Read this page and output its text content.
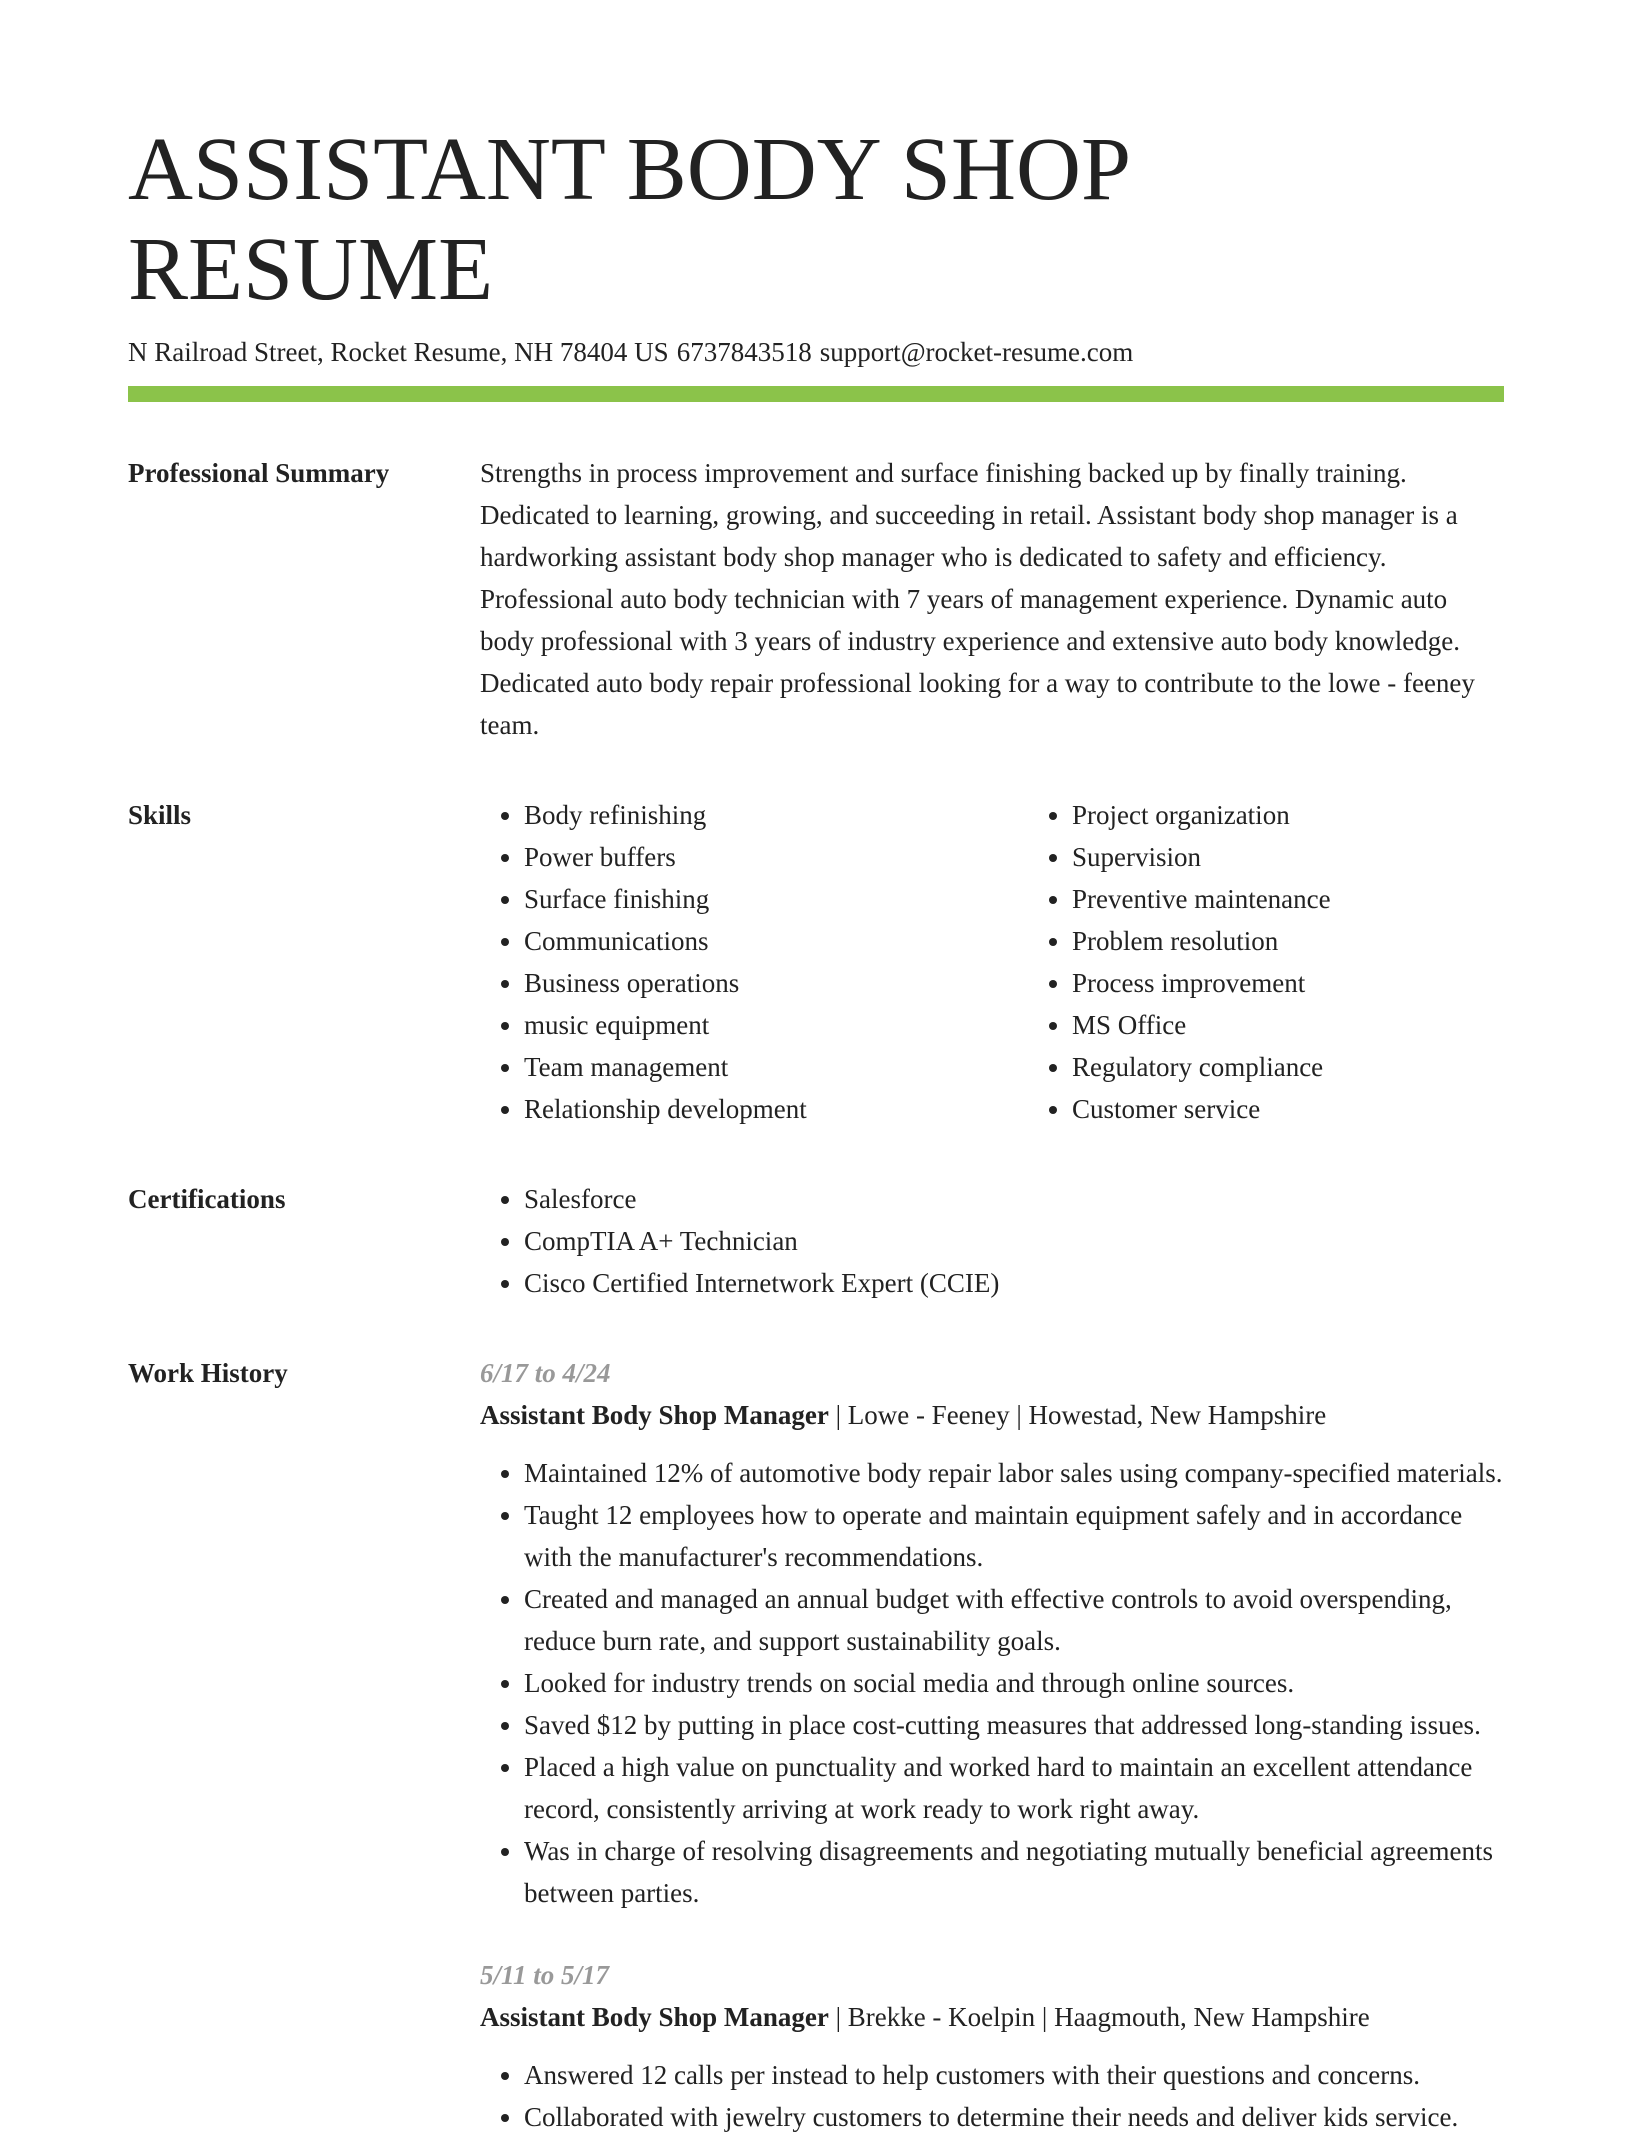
ASSISTANT BODY SHOP RESUME
N Railroad Street, Rocket Resume, NH 78404 US 6737843518 support@rocket-resume.com
Professional Summary	Strengths in process improvement and surface finishing backed up by finally training. Dedicated to learning, growing, and succeeding in retail. Assistant body shop manager is a hardworking assistant body shop manager who is dedicated to safety and efficiency. Professional auto body technician with 7 years of management experience. Dynamic auto body professional with 3 years of industry experience and extensive auto body knowledge. Dedicated auto body repair professional looking for a way to contribute to the lowe - feeney team.

Skills	• Body refinishing
• Power buffers
• Surface finishing
• Communications
• Business operations
• music equipment
• Team management
• Relationship development
• Project organization
• Supervision
• Preventive maintenance
• Problem resolution
• Process improvement
• MS Office
• Regulatory compliance
• Customer service
Certifications	• Salesforce
• CompTIA A+ Technician
• Cisco Certified Internetwork Expert (CCIE)
Work History	6/17 to 4/24
Assistant Body Shop Manager | Lowe - Feeney | Howestad, New Hampshire
• Maintained 12% of automotive body repair labor sales using company-specified materials.
• Taught 12 employees how to operate and maintain equipment safely and in accordance with the manufacturer's recommendations.
• Created and managed an annual budget with effective controls to avoid overspending, reduce burn rate, and support sustainability goals.
• Looked for industry trends on social media and through online sources.
• Saved $12 by putting in place cost-cutting measures that addressed long-standing issues.
• Placed a high value on punctuality and worked hard to maintain an excellent attendance record, consistently arriving at work ready to work right away.
• Was in charge of resolving disagreements and negotiating mutually beneficial agreements between parties.
5/11 to 5/17
Assistant Body Shop Manager | Brekke - Koelpin | Haagmouth, New Hampshire
• Answered 12 calls per instead to help customers with their questions and concerns.
• Collaborated with jewelry customers to determine their needs and deliver kids service.
